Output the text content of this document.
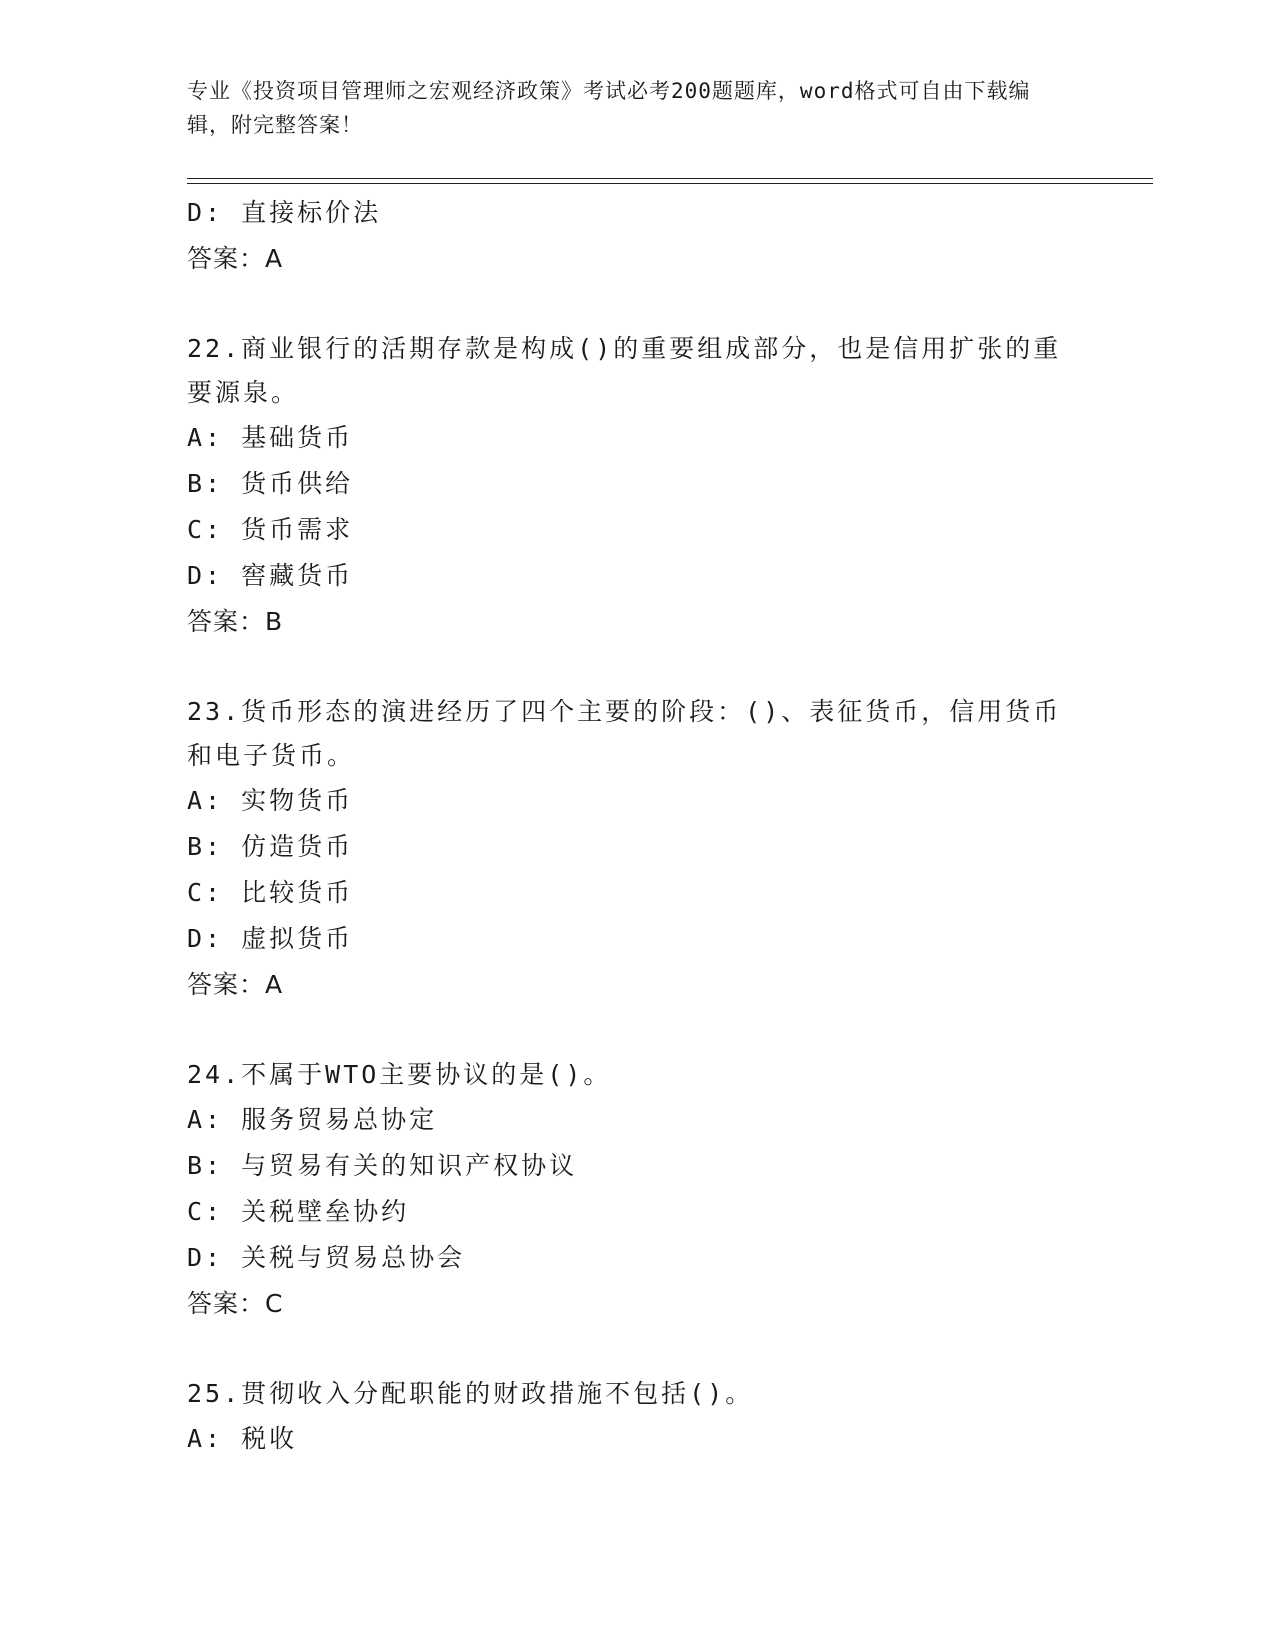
专业《投资项目管理师之宏观经济政策》考试必考200题题库，word格式可自由下载编辑，附完整答案！
D: 直接标价法
答案：A
22.商业银行的活期存款是构成()的重要组成部分，也是信用扩张的重要源泉。
A: 基础货币
B: 货币供给
C: 货币需求
D: 窖藏货币
答案：B
23.货币形态的演进经历了四个主要的阶段：()、表征货币，信用货币和电子货币。
A: 实物货币
B: 仿造货币
C: 比较货币
D: 虚拟货币
答案：A
24.不属于WTO主要协议的是()。
A: 服务贸易总协定
B: 与贸易有关的知识产权协议
C: 关税壁垒协约
D: 关税与贸易总协会
答案：C
25.贯彻收入分配职能的财政措施不包括()。
A: 税收
